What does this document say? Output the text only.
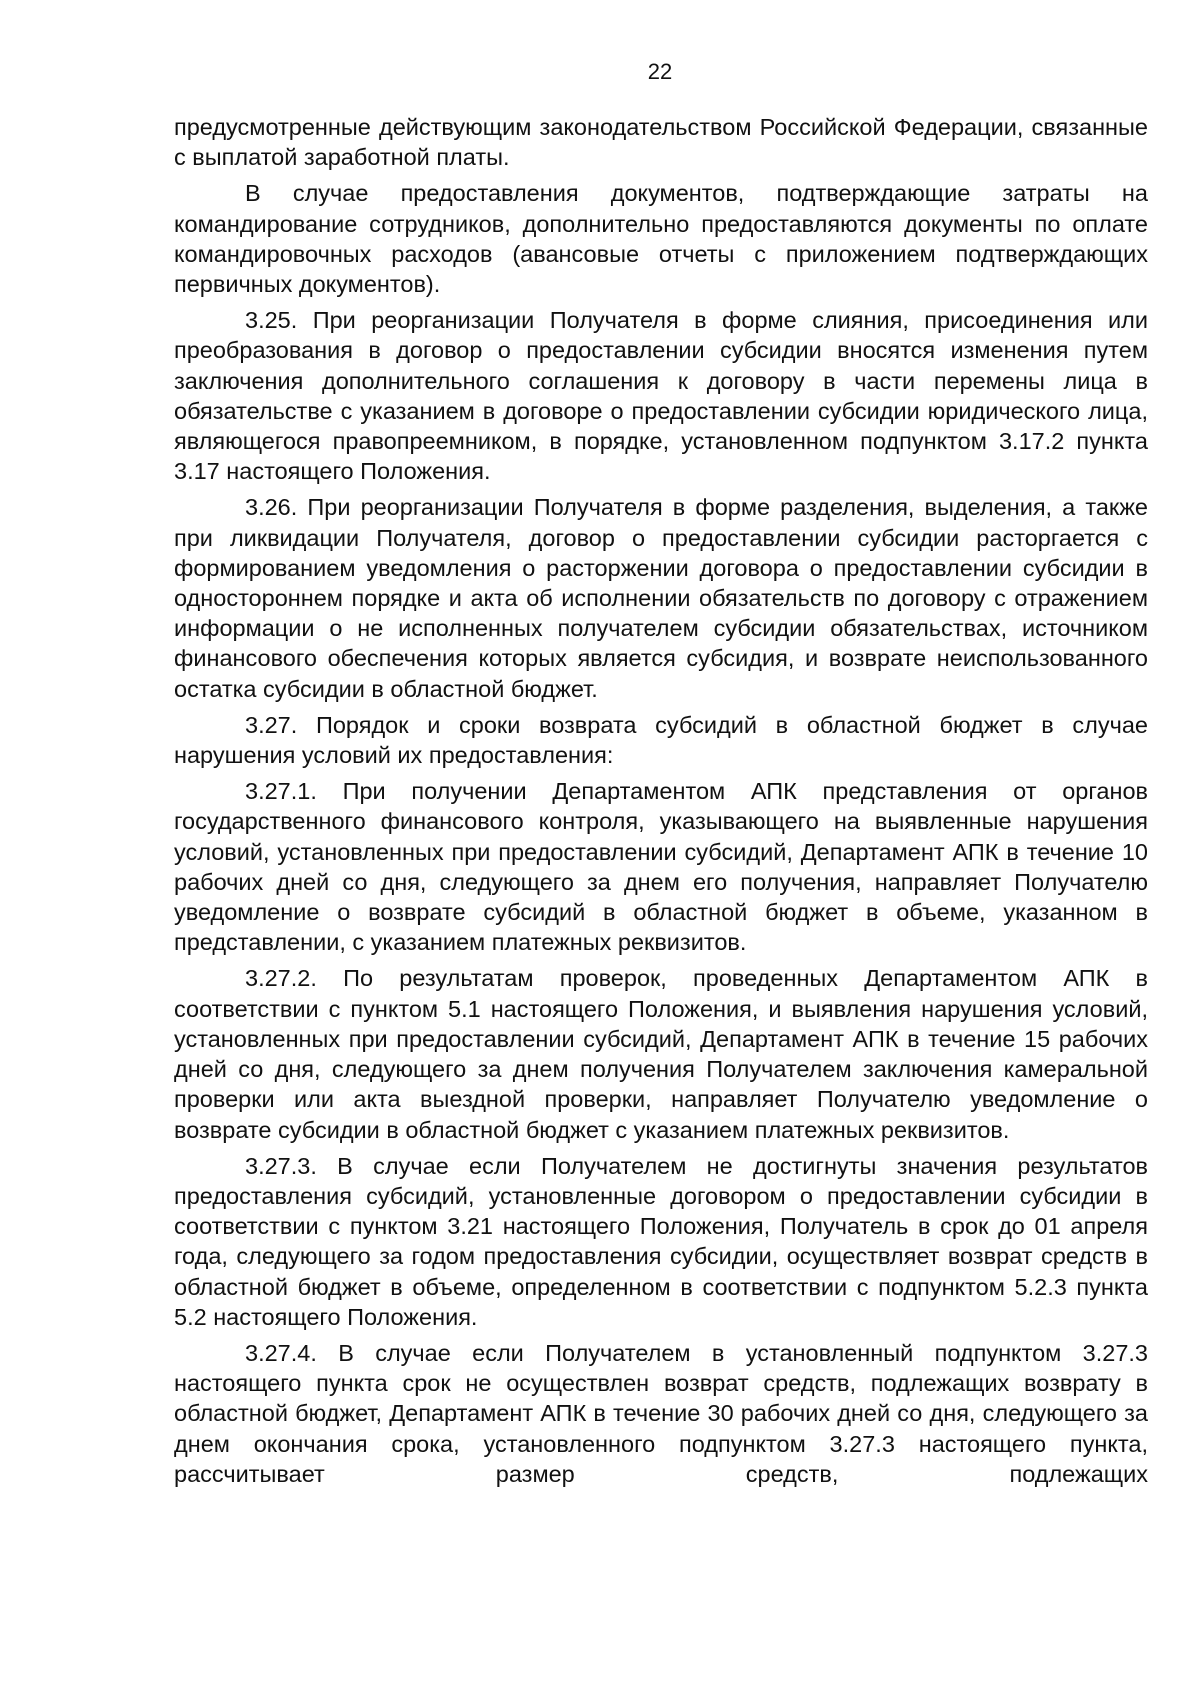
22

предусмотренные действующим законодательством Российской Федерации, связанные с выплатой заработной платы.

В случае предоставления документов, подтверждающие затраты на командирование сотрудников, дополнительно предоставляются документы по оплате командировочных расходов (авансовые отчеты с приложением подтверждающих первичных документов).

3.25. При реорганизации Получателя в форме слияния, присоединения или преобразования в договор о предоставлении субсидии вносятся изменения путем заключения дополнительного соглашения к договору в части перемены лица в обязательстве с указанием в договоре о предоставлении субсидии юридического лица, являющегося правопреемником, в порядке, установленном подпунктом 3.17.2 пункта 3.17 настоящего Положения.

3.26. При реорганизации Получателя в форме разделения, выделения, а также при ликвидации Получателя, договор о предоставлении субсидии расторгается с формированием уведомления о расторжении договора о предоставлении субсидии в одностороннем порядке и акта об исполнении обязательств по договору с отражением информации о не исполненных получателем субсидии обязательствах, источником финансового обеспечения которых является субсидия, и возврате неиспользованного остатка субсидии в областной бюджет.

3.27. Порядок и сроки возврата субсидий в областной бюджет в случае нарушения условий их предоставления:

3.27.1. При получении Департаментом АПК представления от органов государственного финансового контроля, указывающего на выявленные нарушения условий, установленных при предоставлении субсидий, Департамент АПК в течение 10 рабочих дней со дня, следующего за днем его получения, направляет Получателю уведомление о возврате субсидий в областной бюджет в объеме, указанном в представлении, с указанием платежных реквизитов.

3.27.2. По результатам проверок, проведенных Департаментом АПК в соответствии с пунктом 5.1 настоящего Положения, и выявления нарушения условий, установленных при предоставлении субсидий, Департамент АПК в течение 15 рабочих дней со дня, следующего за днем получения Получателем заключения камеральной проверки или акта выездной проверки, направляет Получателю уведомление о возврате субсидии в областной бюджет с указанием платежных реквизитов.

3.27.3. В случае если Получателем не достигнуты значения результатов предоставления субсидий, установленные договором о предоставлении субсидии в соответствии с пунктом 3.21 настоящего Положения, Получатель в срок до 01 апреля года, следующего за годом предоставления субсидии, осуществляет возврат средств в областной бюджет в объеме, определенном в соответствии с подпунктом 5.2.3 пункта 5.2 настоящего Положения.

3.27.4. В случае если Получателем в установленный подпунктом 3.27.3 настоящего пункта срок не осуществлен возврат средств, подлежащих возврату в областной бюджет, Департамент АПК в течение 30 рабочих дней со дня, следующего за днем окончания срока, установленного подпунктом 3.27.3 настоящего пункта, рассчитывает размер средств, подлежащих
